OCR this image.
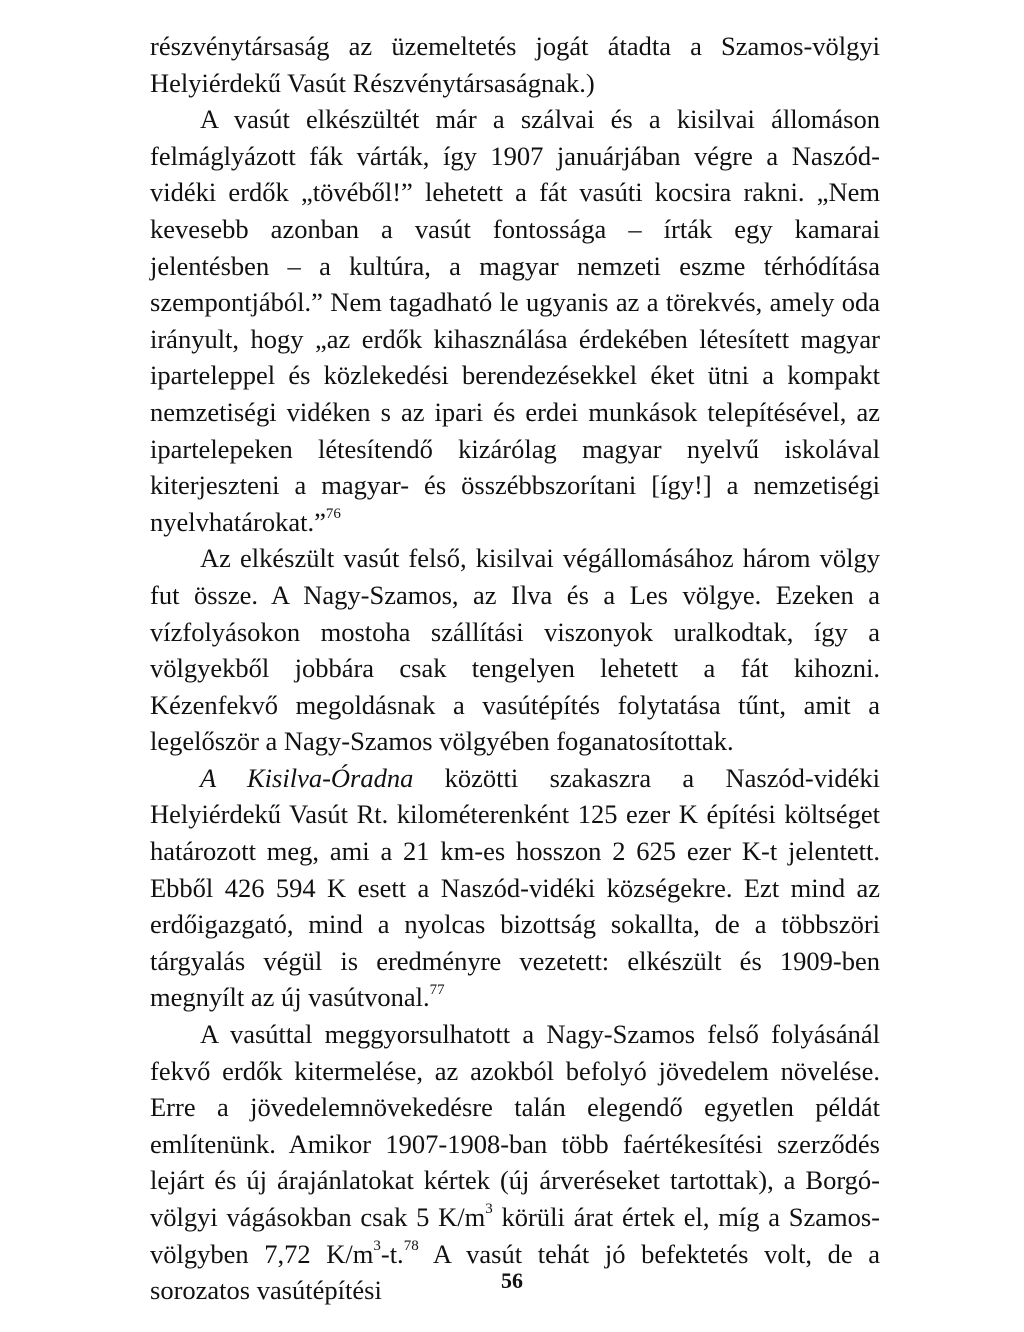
részvénytársaság az üzemeltetés jogát átadta a Szamos-völgyi Helyiérdekű Vasút Részvénytársaságnak.)

A vasút elkészültét már a szálvai és a kisilvai állomáson felmáglyázott fák várták, így 1907 januárjában végre a Naszód-vidéki erdők „tövéből!” lehetett a fát vasúti kocsira rakni. „Nem kevesebb azonban a vasút fontossága – írták egy kamarai jelentésben – a kultúra, a magyar nemzeti eszme térhódítása szempontjából.” Nem tagadható le ugyanis az a törekvés, amely oda irányult, hogy „az erdők kihasználása érdekében létesített magyar iparteleppel és közlekedési berendezésekkel éket ütni a kompakt nemzetiségi vidéken s az ipari és erdei munkások telepítésével, az ipartelepeken létesítendő kizárólag magyar nyelvű iskolával kiterjeszteni a magyar- és összébbszorítani [így!] a nemzetiségi nyelvhatárokat.”$^{76}$

Az elkészült vasút felső, kisilvai végállomásához három völgy fut össze. A Nagy-Szamos, az Ilva és a Les völgye. Ezeken a vízfolyásokon mostoha szállítási viszonyok uralkodtak, így a völgyekből jobbára csak tengelyen lehetett a fát kihozni. Kézenfekvő megoldásnak a vasútépítés folytatása tűnt, amit a legelőször a Nagy-Szamos völgyében foganatosítottak.

A Kisilva-Óradna közötti szakaszra a Naszód-vidéki Helyiérdekű Vasút Rt. kilométerenként 125 ezer K építési költséget határozott meg, ami a 21 km-es hosszon 2 625 ezer K-t jelentett. Ebből 426 594 K esett a Naszód-vidéki községekre. Ezt mind az erdőigazgató, mind a nyolcas bizottság sokallta, de a többszöri tárgyalás végül is eredményre vezetett: elkészült és 1909-ben megnyílt az új vasútvonal.$^{77}$

A vasúttal meggyorsulhatott a Nagy-Szamos felső folyásánál fekvő erdők kitermelése, az azokból befolyó jövedelem növelése. Erre a jövedelemnövekedésre talán elegendő egyetlen példát említenünk. Amikor 1907-1908-ban több faértékesítési szerződés lejárt és új árajánlatokat kértek (új árveréseket tartottak), a Borgó-völgyi vágásokban csak 5 $K/m^3$ körüli árat értek el, míg a Szamos-völgyben 7,72 $K/m^3-t.^{78}$ A vasút tehát jó befektetés volt, de a sorozatos vasútépítési	56
